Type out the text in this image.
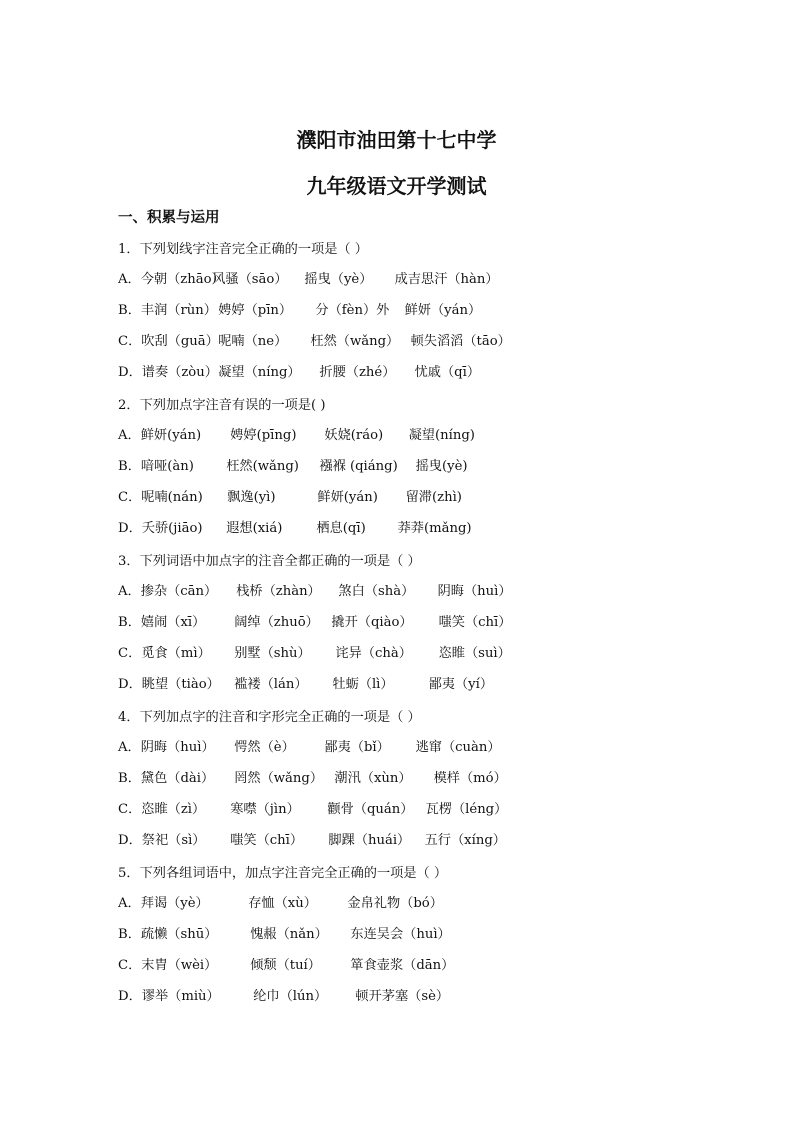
濮阳市油田第十七中学
九年级语文开学测试
一、积累与运用
1．下列划线字注音完全正确的一项是（ ）
A．今朝（zhāo） 风骚（sāo） 摇曳（yè） 成吉思汗（hàn）
B．丰润（rùn） 娉婷（pīn） 分（fèn）外 鲜妍（yán）
C．吹刮（guā） 呢喃（ne） 枉然（wǎng） 顿失滔滔（tāo）
D．谱奏（zòu） 凝望（níng） 折腰（zhé） 忧戚（qī）
2．下列加点字注音有误的一项是( )
A．鲜妍(yán) 娉婷(pīng) 妖娆(ráo) 凝望(níng)
B．喑哑(àn) 枉然(wǎng) 襁褓 (qiáng) 摇曳(yè)
C．呢喃(nán) 飘逸(yì)	鲜妍(yán) 留滞(zhì)
D．夭骄(jiāo) 遐想(xiá)	栖息(qī) 莽莽(mǎng)
3．下列词语中加点字的注音全都正确的一项是（ ）
A．掺杂（cān） 栈桥（zhàn） 煞白（shà） 阴晦（huì）
B．嬉闹（xī） 阔绰（zhuō） 撬开（qiào） 嗤笑（chī）
C．觅食（mì） 别墅（shù） 诧异（chà） 恣睢（suì）
D．眺望（tiào） 褴褛（lán） 牡蛎（lì）	鄙夷（yí）
4．下列加点字的注音和字形完全正确的一项是（ ）
A．阴晦（huì） 愕然（è） 鄙夷（bǐ） 逃窜（cuàn）
B．黛色（dài） 罔然（wǎng） 潮汛（xùn） 模样（mó）
C．恣睢（zì） 寒噤（jìn） 颧骨（quán） 瓦楞（léng）
D．祭祀（sì） 嗤笑（chī） 脚踝（huái） 五行（xíng）
5．下列各组词语中，加点字注音完全正确的一项是（ ）
A．拜谒（yè）	存恤（xù） 金帛礼物（bó）
B．疏懒（shū） 愧赧（nǎn） 东连吴会（huì）
C．末胄（wèi） 倾颓（tuí） 箪食壶浆（dān）
D．谬举（miù）	纶巾（lún） 顿开茅塞（sè）
